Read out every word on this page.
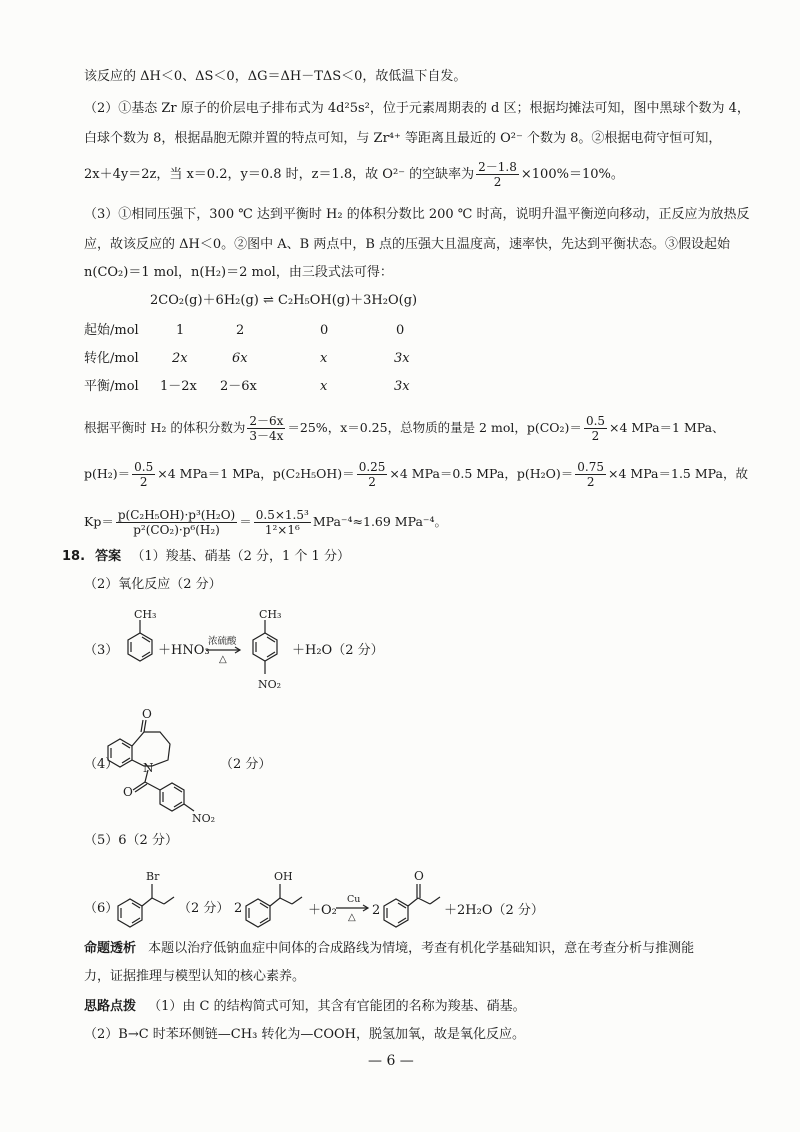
该反应的 ΔH＜0、ΔS＜0，ΔG＝ΔH－TΔS＜0，故低温下自发。
（2）①基态 Zr 原子的价层电子排布式为 4d²5s²，位于元素周期表的 d 区；根据均摊法可知，图中黑球个数为 4，
白球个数为 8，根据晶胞无隙并置的特点可知，与 Zr⁴⁺ 等距离且最近的 O²⁻ 个数为 8。②根据电荷守恒可知，
2x＋4y＝2z，当 x＝0.2，y＝0.8 时，z＝1.8，故 O²⁻ 的空缺率为 $\frac{2-1.8}{2} \times 100\%=10\%$。
（3）①相同压强下，300 ℃ 达到平衡时 H₂ 的体积分数比 200 ℃ 时高，说明升温平衡逆向移动，正反应为放热反
应，故该反应的 ΔH＜0。②图中 A、B 两点中，B 点的压强大且温度高，速率快，先达到平衡状态。③假设起始
n(CO₂)＝1 mol，n(H₂)＝2 mol，由三段式法可得：
2CO₂(g)＋6H₂(g) ⇌ C₂H₅OH(g)＋3H₂O(g)
起始/mol	1	2	0	0
转化/mol	2x	6x	x	3x
平衡/mol 1－2x 2－6x	x	3x
根据平衡时 H₂ 的体积分数为 $\frac{2-6x}{3-4x} =25\%$，x＝0.25，总物质的量是 2 mol，$p(CO_2)= \frac{0.5}{2} \times 4$ MPa＝1 MPa、
$p(H_2)= \frac{0.5}{2} \times 4$ MPa＝1 MPa，$p(C_2H_5OH)= \frac{0.25}{2} \times 4$ MPa＝0.5 MPa，$p(H_2O)= \frac{0.75}{2} \times 4$ MPa＝1.5 MPa，故
$Kp= \frac{\text{p(C₂H₅OH)·p³(H₂O)}}{\text{p²(CO₂)·p⁶(H₂)}} = \frac{\text{0.5×1.5³}}{\text{1²×1⁶}} MPa^{-4}\approx 1.69$ MPa⁻⁴。
18. 答案 （1）羧基、硝基（2 分，1 个 1 分）
（2）氧化反应（2 分）
（3）
CH₃
浓硫酸
△
CH₃
NO₂
O
N
O
NO₂
Br	OH
Cu
△
O
＋HNO₃	＋H₂O（2 分）
（4）	（2 分）
（5）6（2 分）
（6）	（2 分） 2	＋O₂	2	＋2H₂O（2 分）
命题透析 本题以治疗低钠血症中间体的合成路线为情境，考查有机化学基础知识，意在考查分析与推测能
力，证据推理与模型认知的核心素养。
思路点拨 （1）由 C 的结构简式可知，其含有官能团的名称为羧基、硝基。
（2）B→C 时苯环侧链—CH₃ 转化为—COOH，脱氢加氧，故是氧化反应。
— 6 —
